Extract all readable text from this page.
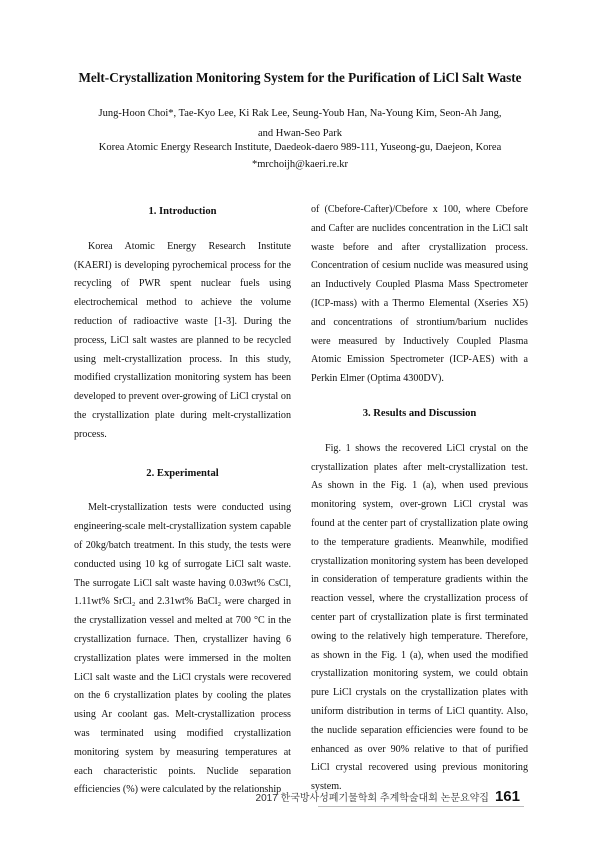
Melt-Crystallization Monitoring System for the Purification of LiCl Salt Waste
Jung-Hoon Choi*, Tae-Kyo Lee, Ki Rak Lee, Seung-Youb Han, Na-Young Kim, Seon-Ah Jang,
and Hwan-Seo Park
Korea Atomic Energy Research Institute, Daedeok-daero 989-111, Yuseong-gu, Daejeon, Korea
*mrchoijh@kaeri.re.kr

1. Introduction

Korea Atomic Energy Research Institute (KAERI) is developing pyrochemical process for the recycling of PWR spent nuclear fuels using electrochemical method to achieve the volume reduction of radioactive waste [1-3]. During the process, LiCl salt wastes are planned to be recycled using melt-crystallization process. In this study, modified crystallization monitoring system has been developed to prevent over-growing of LiCl crystal on the crystallization plate during melt-crystallization process.

2. Experimental

Melt-crystallization tests were conducted using engineering-scale melt-crystallization system capable of 20kg/batch treatment. In this study, the tests were conducted using 10 kg of surrogate LiCl salt waste. The surrogate LiCl salt waste having 0.03wt% CsCl, 1.11wt% SrCl₂ and 2.31wt% BaCl₂ were charged in the crystallization vessel and melted at 700 °C in the crystallization furnace. Then, crystallizer having 6 crystallization plates were immersed in the molten LiCl salt waste and the LiCl crystals were recovered on the 6 crystallization plates by cooling the plates using Ar coolant gas. Melt-crystallization process was terminated using modified crystallization monitoring system by measuring temperatures at each characteristic points. Nuclide separation efficiencies (%) were calculated by the relationship

of (Cbefore-Cafter)/Cbefore x 100, where Cbefore and Cafter are nuclides concentration in the LiCl salt waste before and after crystallization process. Concentration of cesium nuclide was measured using an Inductively Coupled Plasma Mass Spectrometer (ICP-mass) with a Thermo Elemental (Xseries X5) and concentrations of strontium/barium nuclides were measured by Inductively Coupled Plasma Atomic Emission Spectrometer (ICP-AES) with a Perkin Elmer (Optima 4300DV).

3. Results and Discussion

Fig. 1 shows the recovered LiCl crystal on the crystallization plates after melt-crystallization test. As shown in the Fig. 1 (a), when used previous monitoring system, over-grown LiCl crystal was found at the center part of crystallization plate owing to the temperature gradients. Meanwhile, modified crystallization monitoring system has been developed in consideration of temperature gradients within the reaction vessel, where the crystallization process of center part of crystallization plate is first terminated owing to the relatively high temperature. Therefore, as shown in the Fig. 1 (a), when used the modified crystallization monitoring system, we could obtain pure LiCl crystals on the crystallization plates with uniform distribution in terms of LiCl quantity. Also, the nuclide separation efficiencies were found to be enhanced as over 90% relative to that of purified LiCl crystal recovered using previous monitoring system.

2017 한국방사성폐기물학회 추계학술대회 논문요약집 161
